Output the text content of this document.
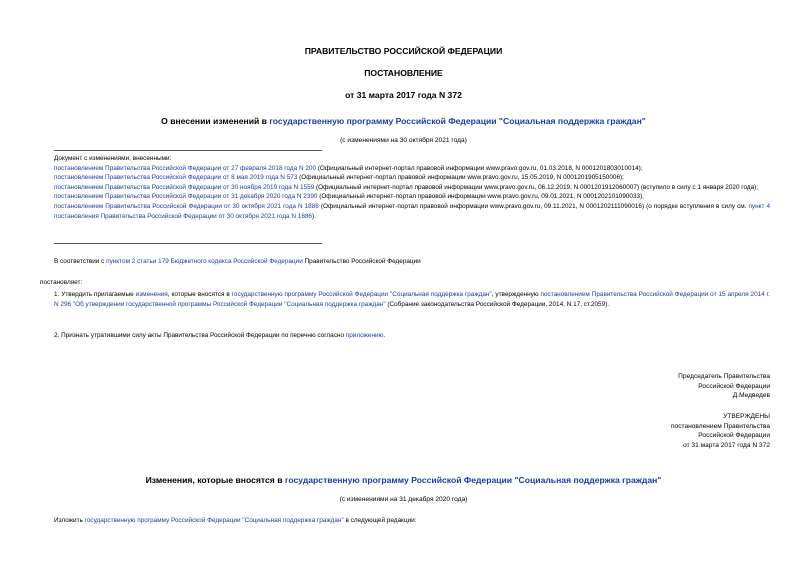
ПРАВИТЕЛЬСТВО РОССИЙСКОЙ ФЕДЕРАЦИИ
ПОСТАНОВЛЕНИЕ
от 31 марта 2017 года N 372
О внесении изменений в государственную программу Российской Федерации "Социальная поддержка граждан"
(с изменениями на 30 октября 2021 года)
Документ с изменениями, внесенными:
постановлением Правительства Российской Федерации от 27 февраля 2018 года N 200 (Официальный интернет-портал правовой информации www.pravo.gov.ru, 01.03.2018, N 0001201803010014);
постановлением Правительства Российской Федерации от 8 мая 2019 года N 573 (Официальный интернет-портал правовой информации www.pravo.gov.ru, 15.05.2019, N 0001201905150006);
постановлением Правительства Российской Федерации от 30 ноября 2019 года N 1559 (Официальный интернет-портал правовой информации www.pravo.gov.ru, 06.12.2019, N 0001201912060007) (вступило в силу с 1 января 2020 года);
постановлением Правительства Российской Федерации от 31 декабря 2020 года N 2390 (Официальный интернет-портал правовой информации www.pravo.gov.ru, 09.01.2021, N 0001202101090033);
постановлением Правительства Российской Федерации от 30 октября 2021 года N 1886 (Официальный интернет-портал правовой информации www.pravo.gov.ru, 09.11.2021, N 0001202111090016) (о порядке вступления в силу см. пункт 4 постановления Правительства Российской Федерации от 30 октября 2021 года N 1886).
В соответствии с пунктом 2 статьи 179 Бюджетного кодекса Российской Федерации Правительство Российской Федерации
постановляет:
1. Утвердить прилагаемые изменения, которые вносятся в государственную программу Российской Федерации "Социальная поддержка граждан", утвержденную постановлением Правительства Российской Федерации от 15 апреля 2014 г. N 296 "Об утверждении государственной программы Российской Федерации "Социальная поддержка граждан" (Собрание законодательства Российской Федерации, 2014, N 17, ст.2059).
2. Признать утратившими силу акты Правительства Российской Федерации по перечню согласно приложению.
Председатель Правительства
Российской Федерации
Д.Медведев
УТВЕРЖДЕНЫ
постановлением Правительства
Российской Федерации
от 31 марта 2017 года N 372
Изменения, которые вносятся в государственную программу Российской Федерации "Социальная поддержка граждан"
(с изменениями на 31 декабря 2020 года)
Изложить государственную программу Российской Федерации "Социальная поддержка граждан" в следующей редакции:
